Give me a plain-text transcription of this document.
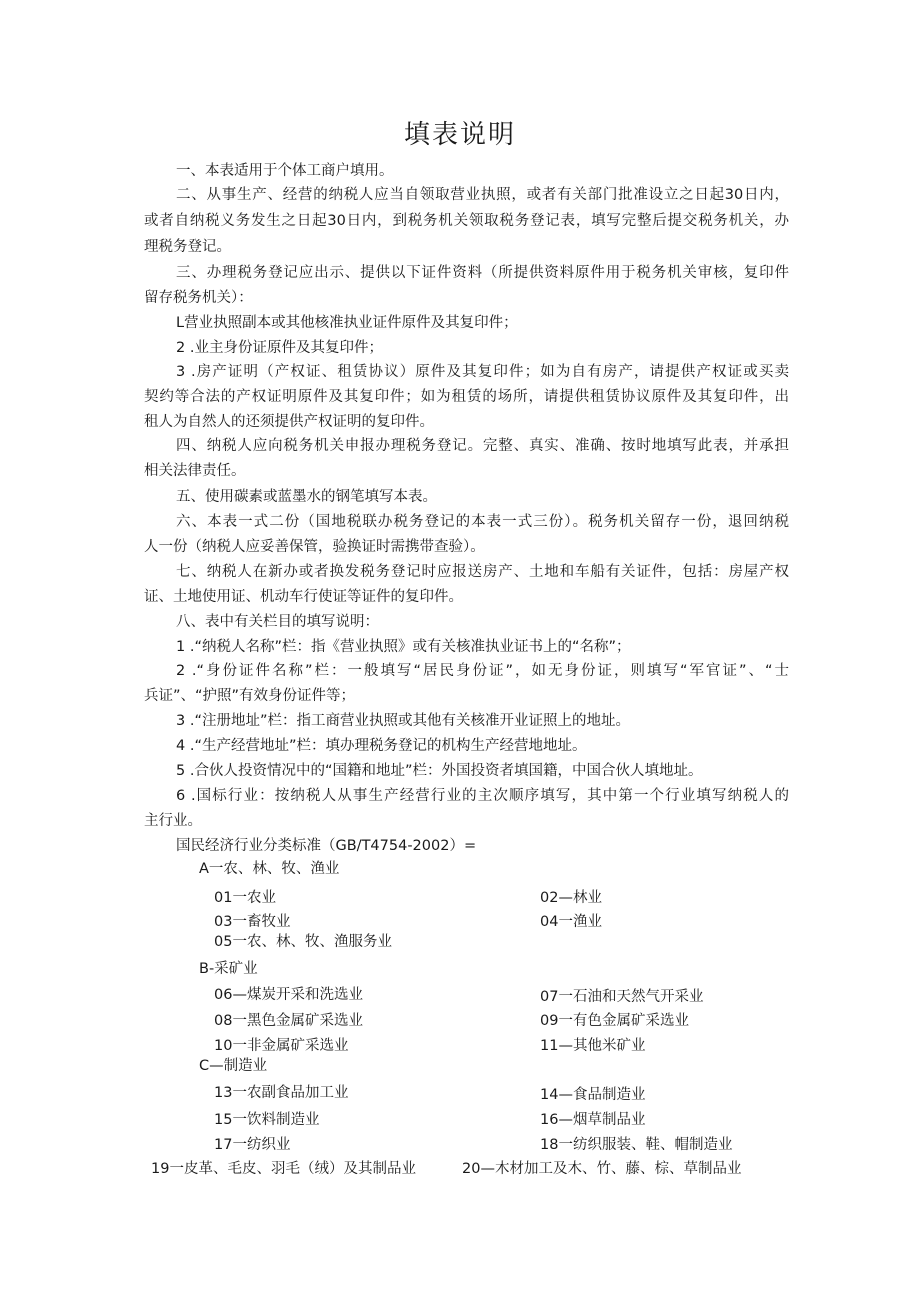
填表说明
一、本表适用于个体工商户填用。
二、从事生产、经营的纳税人应当自领取营业执照，或者有关部门批准设立之日起30日内，
或者自纳税义务发生之日起30日内，到税务机关领取税务登记表，填写完整后提交税务机关，办
理税务登记。
三、办理税务登记应出示、提供以下证件资料（所提供资料原件用于税务机关审核，复印件
留存税务机关）：
L营业执照副本或其他核准执业证件原件及其复印件；
2 .业主身份证原件及其复印件；
3 .房产证明（产权证、租赁协议）原件及其复印件；如为自有房产，请提供产权证或买卖
契约等合法的产权证明原件及其复印件；如为租赁的场所，请提供租赁协议原件及其复印件，出
租人为自然人的还须提供产权证明的复印件。
四、纳税人应向税务机关申报办理税务登记。完整、真实、准确、按时地填写此表，并承担
相关法律责任。
五、使用碳素或蓝墨水的钢笔填写本表。
六、本表一式二份（国地税联办税务登记的本表一式三份）。税务机关留存一份，退回纳税
人一份（纳税人应妥善保管，验换证时需携带查验）。
七、纳税人在新办或者换发税务登记时应报送房产、土地和车船有关证件，包括：房屋产权
证、土地使用证、机动车行使证等证件的复印件。
八、表中有关栏目的填写说明：
1 .“纳税人名称”栏：指《营业执照》或有关核准执业证书上的“名称”；
2 .“身份证件名称”栏：一般填写“居民身份证”，如无身份证，则填写“军官证”、“士
兵证”、“护照”有效身份证件等；
3 .“注册地址”栏：指工商营业执照或其他有关核准开业证照上的地址。
4 .“生产经营地址”栏：填办理税务登记的机构生产经营地地址。
5 .合伙人投资情况中的“国籍和地址”栏：外国投资者填国籍，中国合伙人填地址。
6 .国标行业：按纳税人从事生产经营行业的主次顺序填写，其中第一个行业填写纳税人的
主行业。
国民经济行业分类标准（GB/T4754-2002）=
A一农、林、牧、渔业
01一农业	02—林业
03一畜牧业	04一渔业
05一农、林、牧、渔服务业
B-采矿业
06—煤炭开采和洗选业	07一石油和天然气开采业
08一黑色金属矿采选业	09一有色金属矿采选业
10一非金属矿采选业	11—其他米矿业
C—制造业
13一农副食品加工业	14—食品制造业
15一饮料制造业	16—烟草制品业
17一纺织业	18一纺织服装、鞋、帽制造业
19一皮革、毛皮、羽毛（绒）及其制品业	20—木材加工及木、竹、藤、棕、草制品业
